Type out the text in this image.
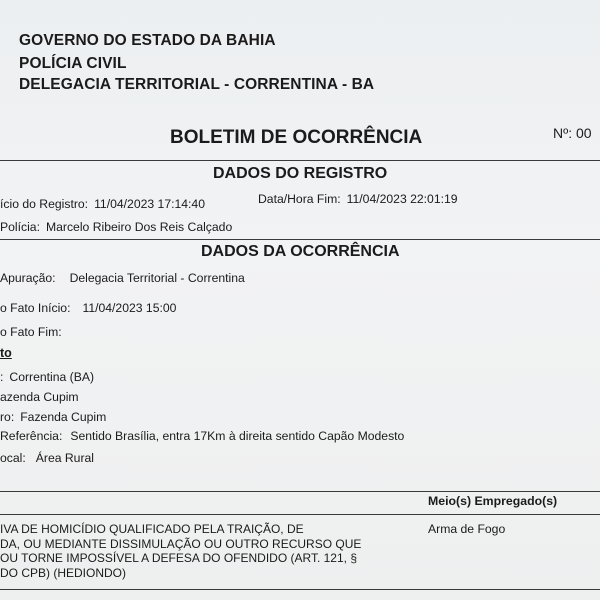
GOVERNO DO ESTADO DA BAHIA
POLÍCIA CIVIL
DELEGACIA TERRITORIAL - CORRENTINA - BA
BOLETIM DE OCORRÊNCIA	Nº: 00
DADOS DO REGISTRO
ício do Registro: 11/04/2023 17:14:40	Data/Hora Fim: 11/04/2023 22:01:19
Polícia: Marcelo Ribeiro Dos Reis Calçado
DADOS DA OCORRÊNCIA
Apuração: Delegacia Territorial - Correntina
o Fato Início: 11/04/2023 15:00
o Fato Fim:
to
: Correntina (BA)
azenda Cupim
ro: Fazenda Cupim
Referência: Sentido Brasília, entra 17Km à direita sentido Capão Modesto
ocal: Área Rural
Meio(s) Empregado(s)
IVA DE HOMICÍDIO QUALIFICADO PELA TRAIÇÃO, DE
DA, OU MEDIANTE DISSIMULAÇÃO OU OUTRO RECURSO QUE
OU TORNE IMPOSSÍVEL A DEFESA DO OFENDIDO (ART. 121, §
DO CPB) (HEDIONDO)
Arma de Fogo
